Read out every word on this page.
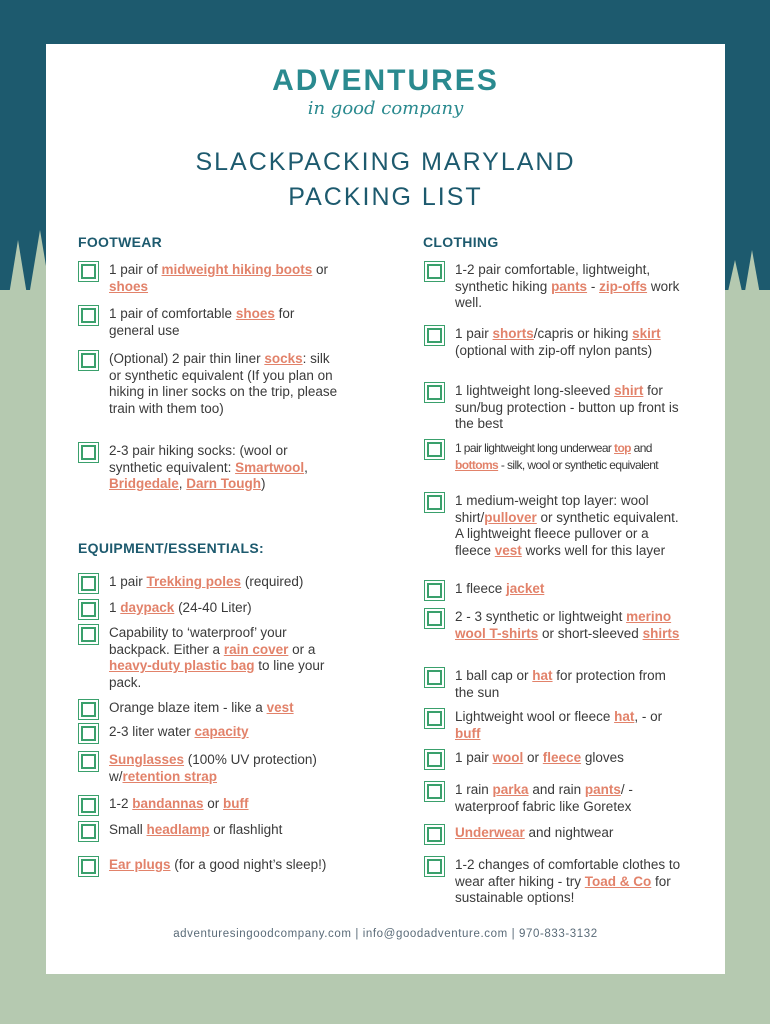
ADVENTURES
in good company
SLACKPACKING MARYLAND
PACKING LIST
FOOTWEAR
1 pair of midweight hiking boots or shoes
1 pair of comfortable shoes for general use
(Optional) 2 pair thin liner socks: silk or synthetic equivalent (If you plan on hiking in liner socks on the trip, please train with them too)
2-3 pair hiking socks: (wool or synthetic equivalent: Smartwool, Bridgedale, Darn Tough)
EQUIPMENT/ESSENTIALS:
1 pair Trekking poles (required)
1 daypack (24-40 Liter)
Capability to ‘waterproof’ your backpack. Either a rain cover or a heavy-duty plastic bag to line your pack.
Orange blaze item - like a vest
2-3 liter water capacity
Sunglasses (100% UV protection) w/retention strap
1-2 bandannas or buff
Small headlamp or flashlight
Ear plugs (for a good night’s sleep!)
CLOTHING
1-2 pair comfortable, lightweight, synthetic hiking pants - zip-offs work well.
1 pair shorts/capris or hiking skirt (optional with zip-off nylon pants)
1 lightweight long-sleeved shirt for sun/bug protection - button up front is the best
1 pair lightweight long underwear top and bottoms - silk, wool or synthetic equivalent
1 medium-weight top layer: wool shirt/pullover or synthetic equivalent. A lightweight fleece pullover or a fleece vest works well for this layer
1 fleece jacket
2 - 3 synthetic or lightweight merino wool T-shirts or short-sleeved shirts
1 ball cap or hat for protection from the sun
Lightweight wool or fleece hat, - or buff
1 pair wool or fleece gloves
1 rain parka and rain pants/ - waterproof fabric like Goretex
Underwear and nightwear
1-2 changes of comfortable clothes to wear after hiking - try Toad & Co for sustainable options!
adventuresingoodcompany.com | info@goodadventure.com | 970-833-3132
